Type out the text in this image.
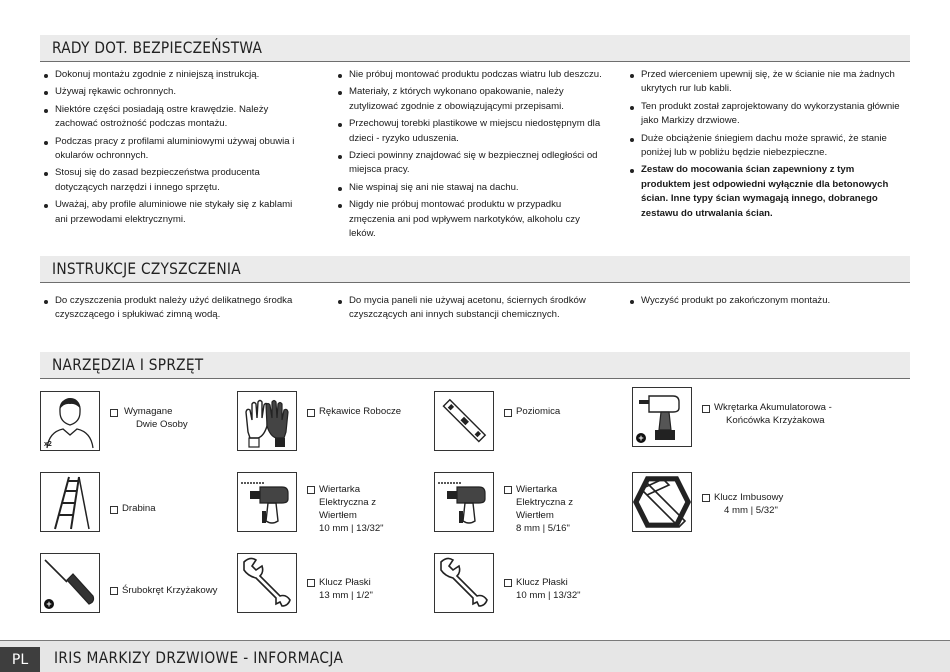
RADY DOT. BEZPIECZEŃSTWA
Dokonuj montażu zgodnie z niniejszą instrukcją.
Używaj rękawic ochronnych.
Niektóre części posiadają ostre krawędzie. Należy zachować ostrożność podczas montażu.
Podczas pracy z profilami aluminiowymi używaj obuwia i okularów ochronnych.
Stosuj się do zasad bezpieczeństwa producenta dotyczących narzędzi i innego sprzętu.
Uważaj, aby profile aluminiowe nie stykały się z kablami ani przewodami elektrycznymi.
Nie próbuj montować produktu podczas wiatru lub deszczu.
Materiały, z których wykonano opakowanie, należy zutylizować zgodnie z obowiązującymi przepisami.
Przechowuj torebki plastikowe w miejscu niedostępnym dla dzieci - ryzyko uduszenia.
Dzieci powinny znajdować się w bezpiecznej odległości od miejsca pracy.
Nie wspinaj się ani nie stawaj na dachu.
Nigdy nie próbuj montować produktu w przypadku zmęczenia ani pod wpływem narkotyków, alkoholu czy leków.
Przed wierceniem upewnij się, że w ścianie nie ma żadnych ukrytych rur lub kabli.
Ten produkt został zaprojektowany do wykorzystania głównie jako Markizy drzwiowe.
Duże obciążenie śniegiem dachu może sprawić, że stanie poniżej lub w pobliżu będzie niebezpieczne.
Zestaw do mocowania ścian zapewniony z tym produktem jest odpowiedni wyłącznie dla betonowych ścian. Inne typy ścian wymagają innego, dobranego zestawu do utrwalania ścian.
INSTRUKCJE CZYSZCZENIA
Do czyszczenia produkt należy użyć delikatnego środka czyszczącego i spłukiwać zimną wodą.
Do mycia paneli nie używaj acetonu, ściernych środków czyszczących ani innych substancji chemicznych.
Wyczyść produkt po zakończonym montażu.
NARZĘDZIA I SPRZĘT
x2
Wymagane
Dwie Osoby
Rękawice Robocze	Poziomica
+
Wkrętarka Akumulatorowa -
Końcówka Krzyżakowa
Drabina
Wiertarka
Elektryczna z
Wiertłem
10 mm | 13/32"
Wiertarka
Elektryczna z
Wiertłem
8 mm | 5/16"
Klucz Imbusowy
4 mm | 5/32"
+
Śrubokręt Krzyżakowy
Klucz Płaski
13 mm | 1/2"
Klucz Płaski
10 mm | 13/32"
PL	IRIS MARKIZY DRZWIOWE - INFORMACJA
